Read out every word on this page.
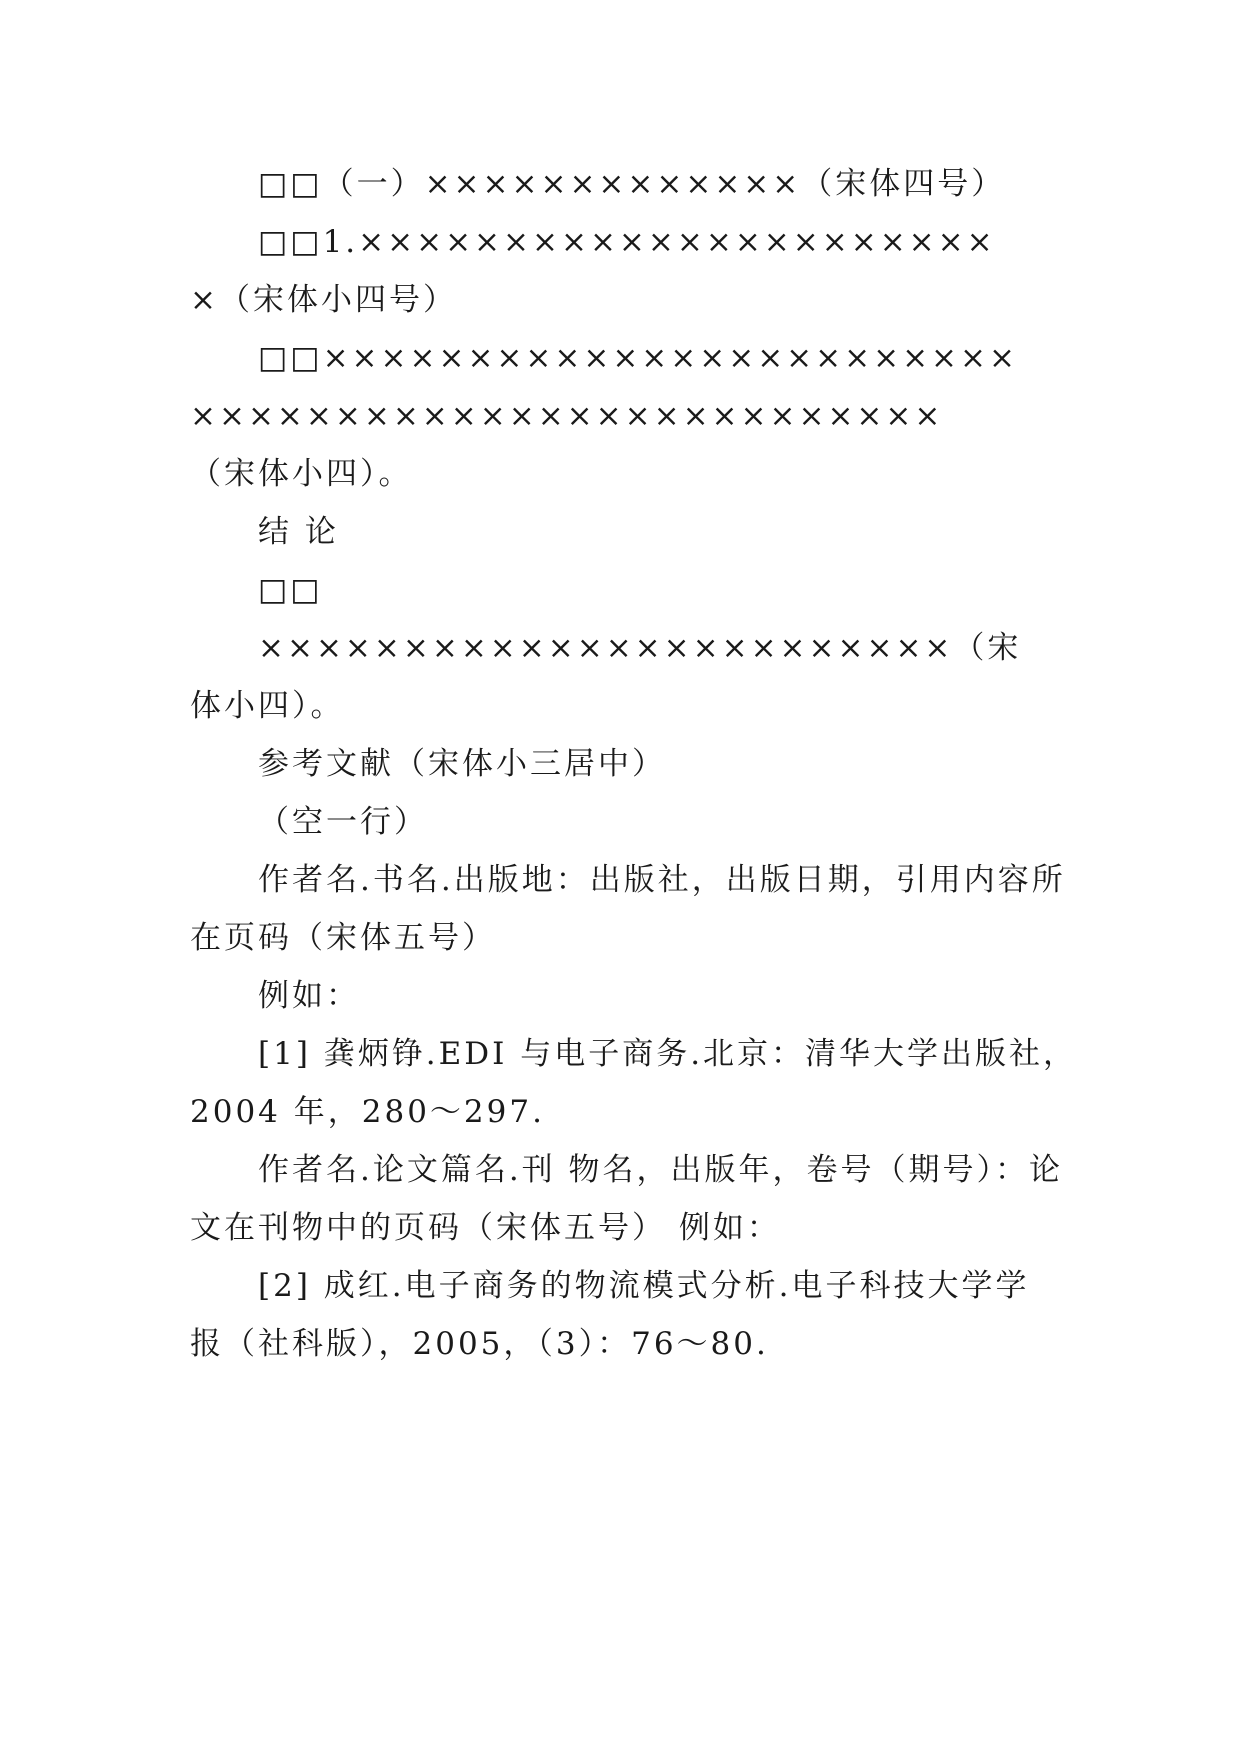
□□（一）×××××××××××××（宋体四号）
□□1.××××××××××××××××××××××
×（宋体小四号）
□□××××××××××××××××××××××××
××××××××××××××××××××××××××
（宋体小四）。
结 论
□□
××××××××××××××××××××××××（宋
体小四）。
参考文献（宋体小三居中）
（空一行）
作者名.书名.出版地：出版社，出版日期，引用内容所
在页码（宋体五号）
例如：
[1] 龚炳铮.EDI 与电子商务.北京：清华大学出版社，
2004 年，280～297.
作者名.论文篇名.刊 物名，出版年，卷号（期号）：论
文在刊物中的页码（宋体五号） 例如：
[2] 成红.电子商务的物流模式分析.电子科技大学学
报（社科版），2005，（3）：76～80.
